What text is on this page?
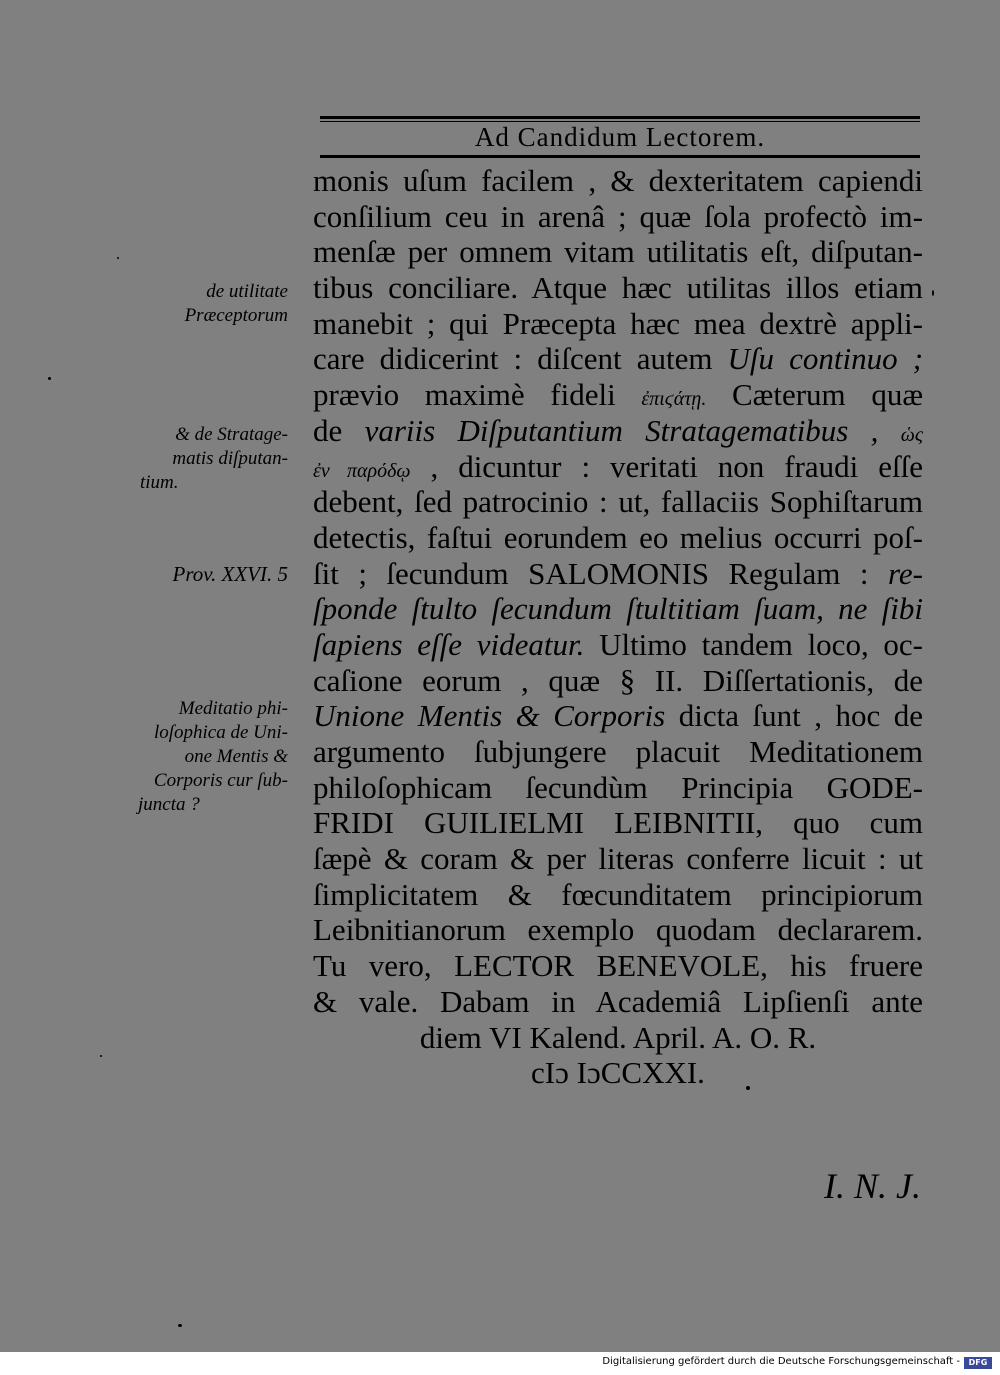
Ad Candidum Lectorem.
monis uſum facilem , & dexteritatem capiendi
conſilium ceu in arenâ ; quæ ſola profectò im-
menſæ per omnem vitam utilitatis eſt, diſputan-
tibus conciliare. Atque hæc utilitas illos etiam
manebit ; qui Præcepta hæc mea dextrè appli-
care didicerint : diſcent autem Uſu continuo ;
prævio maximè fideli ἐπιϛάτῃ. Cæterum quæ
de variis Diſputantium Stratagematibus , ὡς
ἐν παρόδῳ , dicuntur : veritati non fraudi eſſe
debent, ſed patrocinio : ut, fallaciis Sophiſtarum
detectis, faſtui eorundem eo melius occurri poſ-
ſit ; ſecundum SALOMONIS Regulam : re-
ſponde ſtulto ſecundum ſtultitiam ſuam, ne ſibi
ſapiens eſſe videatur. Ultimo tandem loco, oc-
caſione eorum , quæ § II. Diſſertationis, de
Unione Mentis & Corporis dicta ſunt , hoc de
argumento ſubjungere placuit Meditationem
philoſophicam ſecundùm Principia GODE-
FRIDI GUILIELMI LEIBNITII, quo cum
ſæpè & coram & per literas conferre licuit : ut
ſimplicitatem & fœcunditatem principiorum
Leibnitianorum exemplo quodam declararem.
Tu vero, LECTOR BENEVOLE, his fruere
& vale. Dabam in Academiâ Lipſienſi ante
diem VI Kalend. April. A. O. R.
cIɔ IɔCCXXI.
de utilitate
Præceptorum
& de Stratage-
matis diſputan-
tium.
Prov. XXVI. 5
Meditatio phi-
loſophica de Uni-
one Mentis &
Corporis cur ſub-
juncta ?
I. N. J.
Digitalisierung gefördert durch die Deutsche Forschungsgemeinschaft -	DFG
